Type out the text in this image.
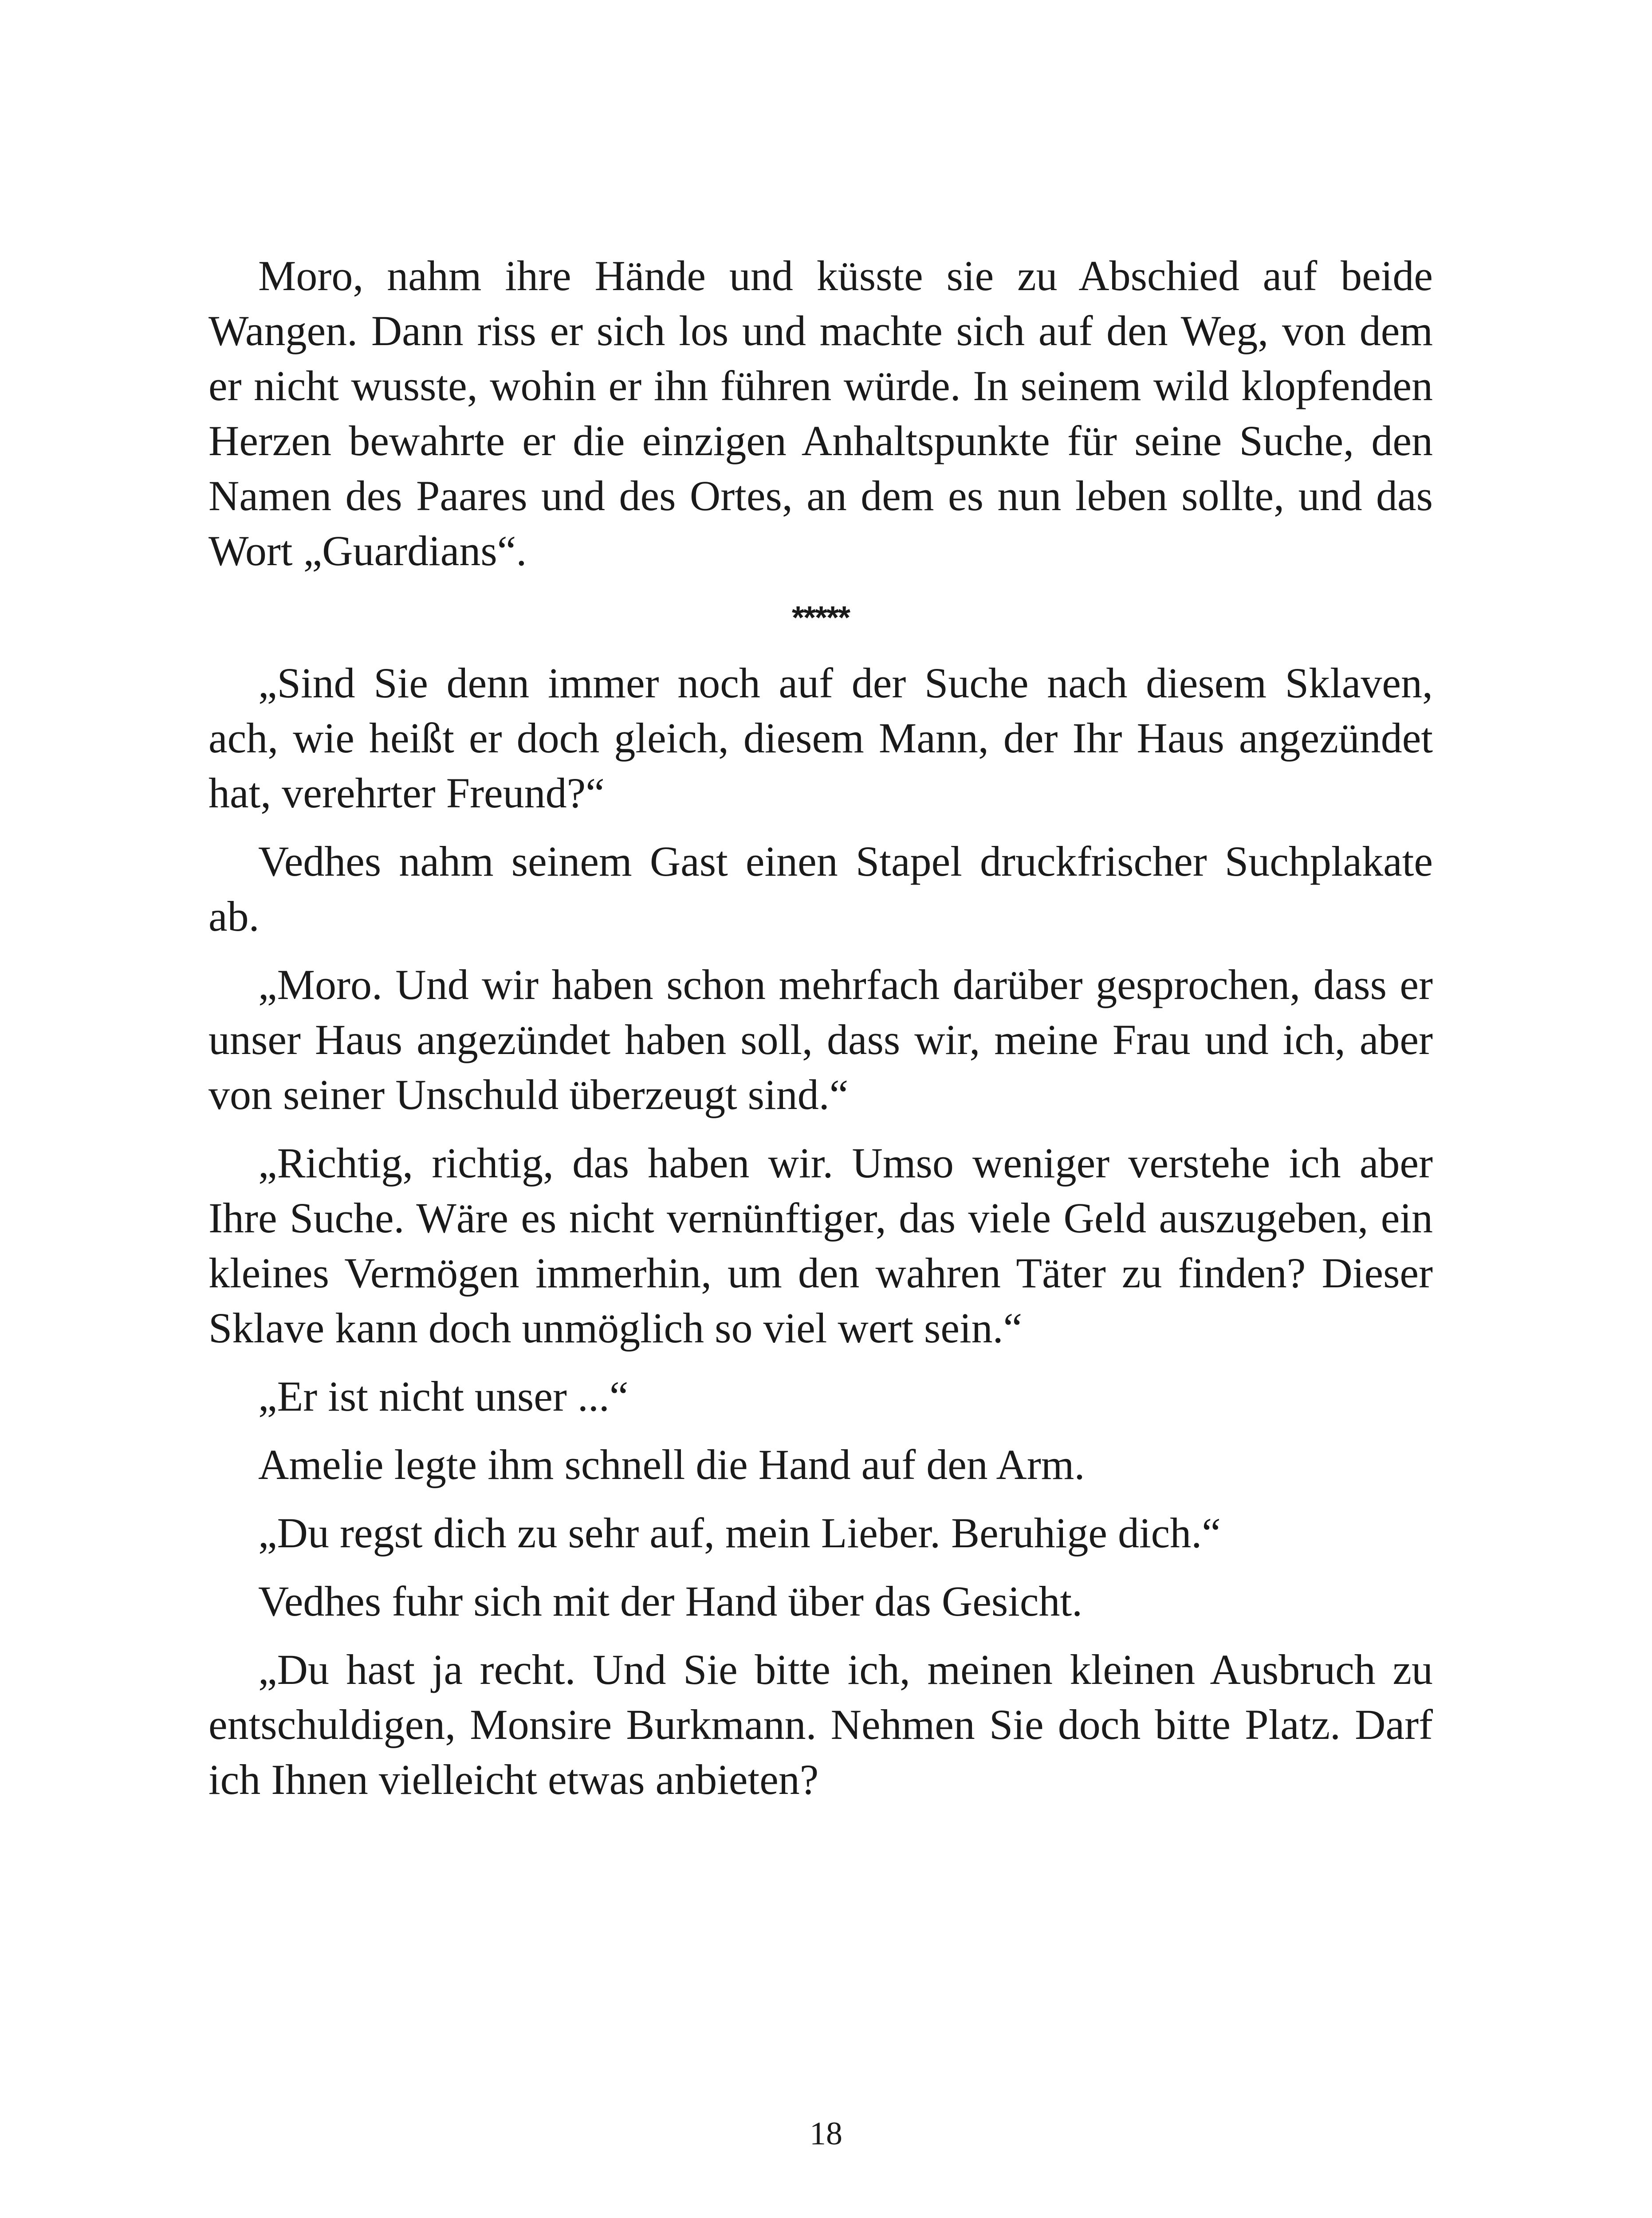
Moro, nahm ihre Hände und küsste sie zu Abschied auf beide Wangen. Dann riss er sich los und machte sich auf den Weg, von dem er nicht wusste, wohin er ihn führen würde. In seinem wild klopfenden Herzen bewahrte er die einzigen Anhaltspunkte für seine Suche, den Namen des Paares und des Ortes, an dem es nun leben sollte, und das Wort „Guardians“.

*****

„Sind Sie denn immer noch auf der Suche nach diesem Sklaven, ach, wie heißt er doch gleich, diesem Mann, der Ihr Haus angezündet hat, verehrter Freund?“

Vedhes nahm seinem Gast einen Stapel druckfrischer Suchplakate ab.

„Moro. Und wir haben schon mehrfach darüber gesprochen, dass er unser Haus angezündet haben soll, dass wir, meine Frau und ich, aber von seiner Unschuld überzeugt sind.“

„Richtig, richtig, das haben wir. Umso weniger verstehe ich aber Ihre Suche. Wäre es nicht vernünftiger, das viele Geld auszugeben, ein kleines Vermögen immerhin, um den wahren Täter zu finden? Dieser Sklave kann doch unmöglich so viel wert sein.“

„Er ist nicht unser ...“

Amelie legte ihm schnell die Hand auf den Arm.

„Du regst dich zu sehr auf, mein Lieber. Beruhige dich.“

Vedhes fuhr sich mit der Hand über das Gesicht.

„Du hast ja recht. Und Sie bitte ich, meinen kleinen Ausbruch zu entschuldigen, Monsire Burkmann. Nehmen Sie doch bitte Platz. Darf ich Ihnen vielleicht etwas anbieten?

18
